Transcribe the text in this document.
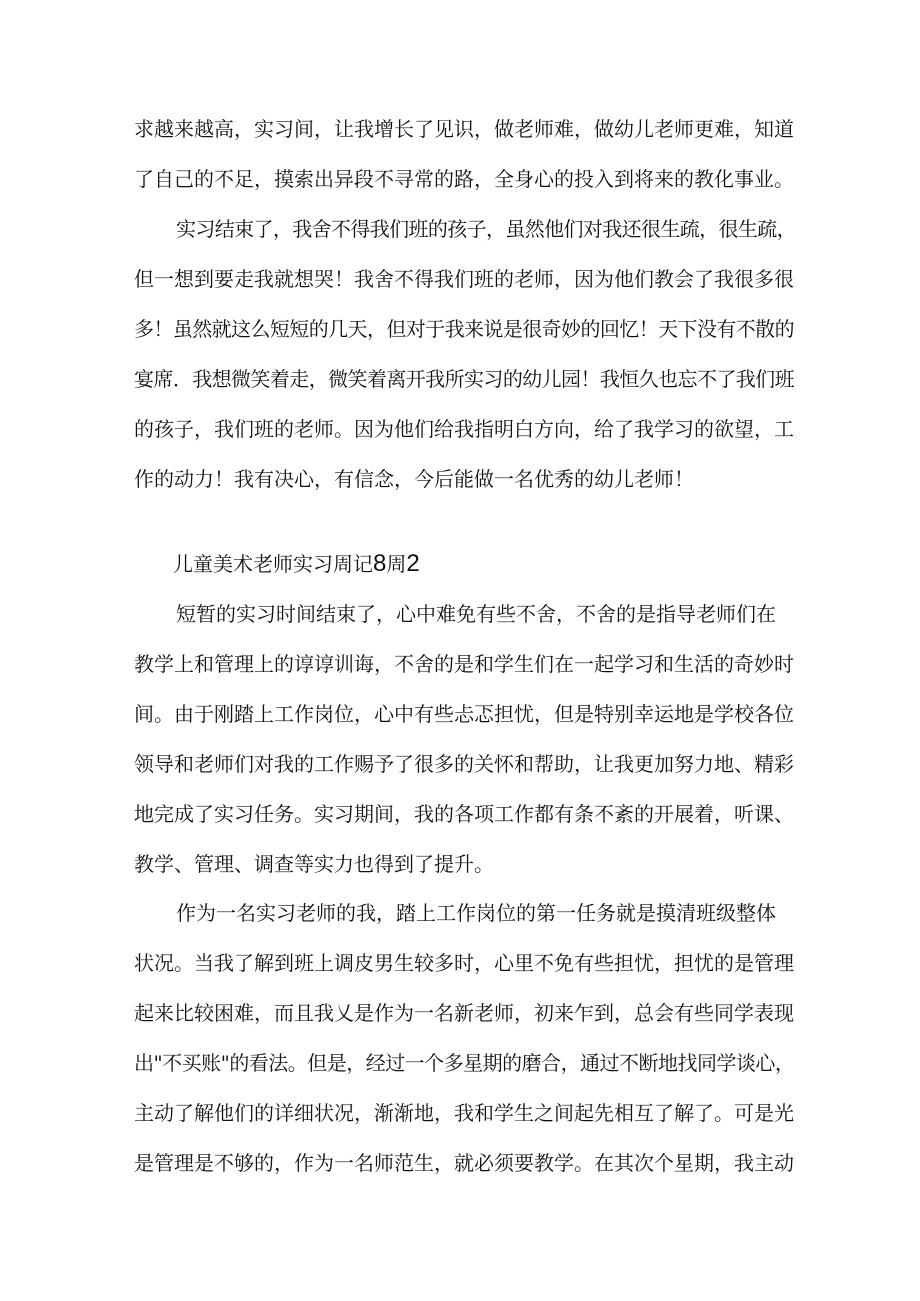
求越来越高，实习间，让我增长了见识，做老师难，做幼儿老师更难，知道
了自己的不足，摸索出异段不寻常的路，全身心的投入到将来的教化事业。
实习结束了，我舍不得我们班的孩子，虽然他们对我还很生疏，很生疏，
但一想到要走我就想哭！我舍不得我们班的老师，因为他们教会了我很多很
多！虽然就这么短短的几天，但对于我来说是很奇妙的回忆！天下没有不散的
宴席．我想微笑着走，微笑着离开我所实习的幼儿园！我恒久也忘不了我们班
的孩子，我们班的老师。因为他们给我指明白方向，给了我学习的欲望，工
作的动力！我有决心，有信念，今后能做一名优秀的幼儿老师！
儿童美术老师实习周记8周2
短暂的实习时间结束了，心中难免有些不舍，不舍的是指导老师们在
教学上和管理上的谆谆训诲，不舍的是和学生们在一起学习和生活的奇妙时
间。由于刚踏上工作岗位，心中有些忐忑担忧，但是特别幸运地是学校各位
领导和老师们对我的工作赐予了很多的关怀和帮助，让我更加努力地、精彩
地完成了实习任务。实习期间，我的各项工作都有条不紊的开展着，听课、
教学、管理、调查等实力也得到了提升。
作为一名实习老师的我，踏上工作岗位的第一任务就是摸清班级整体
状况。当我了解到班上调皮男生较多时，心里不免有些担忧，担忧的是管理
起来比较困难，而且我乂是作为一名新老师，初来乍到，总会有些同学表现
出"不买账"的看法。但是，经过一个多星期的磨合，通过不断地找同学谈心，
主动了解他们的详细状况，渐渐地，我和学生之间起先相互了解了。可是光
是管理是不够的，作为一名师范生，就必须要教学。在其次个星期，我主动
